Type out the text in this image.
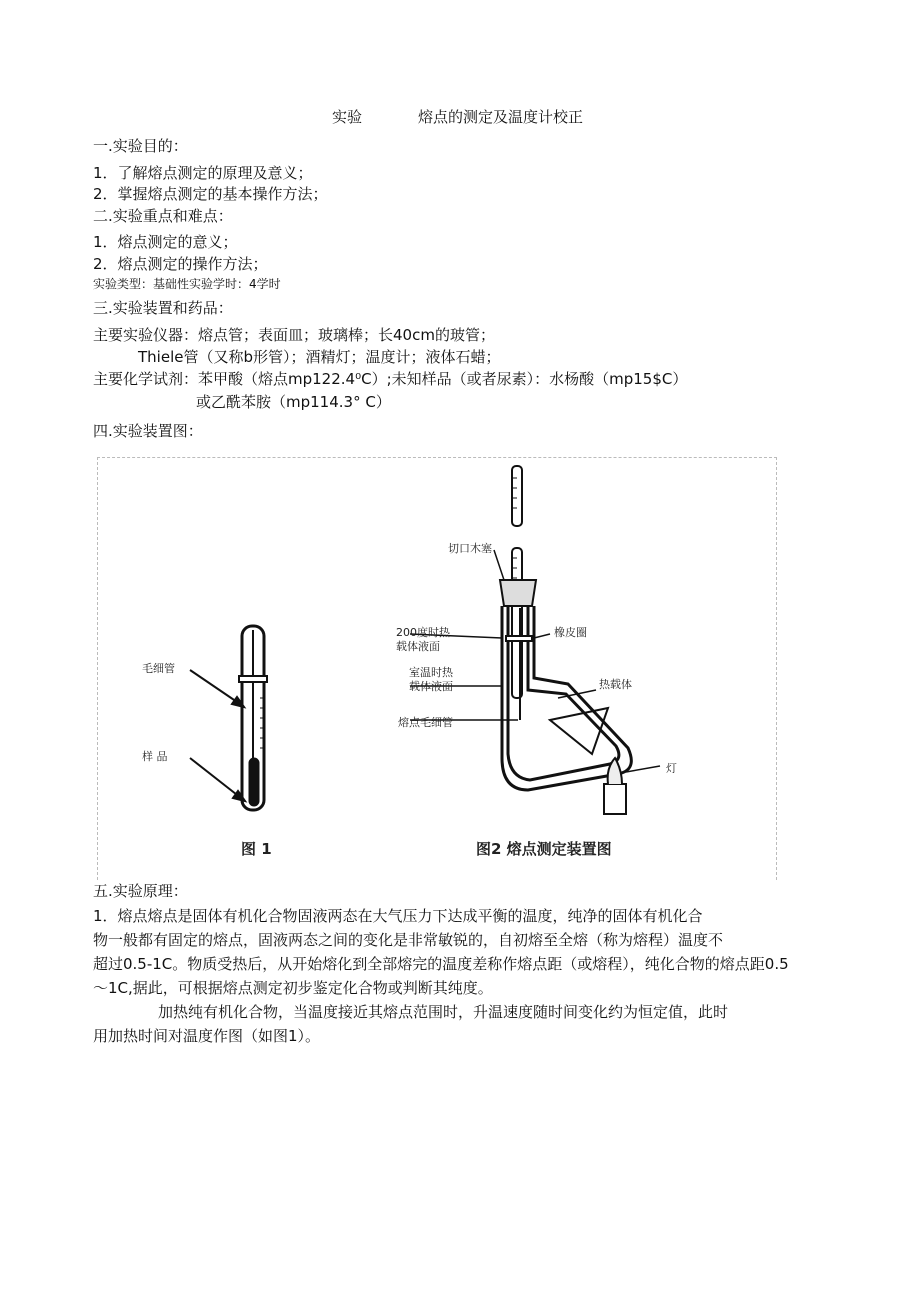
实验	熔点的测定及温度计校正
一.实验目的：
1．了解熔点测定的原理及意义；
2．掌握熔点测定的基本操作方法；
二.实验重点和难点：
1．熔点测定的意义；
2．熔点测定的操作方法；
实验类型：基础性实验学时：4学时
三.实验装置和药品：
主要实验仪器：熔点管；表面皿；玻璃棒；长40cm的玻管；
Thiele管（又称b形管）；酒精灯；温度计；液体石蜡；
主要化学试剂：苯甲酸（熔点mp122.4⁰C）;未知样品（或者尿素）：水杨酸（mp15$C）
或乙酰苯胺（mp114.3° C）
四.实验装置图：
毛细管
样 品
图 1
切口木塞
橡皮圈
200度时热
载体液面
室温时热
载体液面	热载体
熔点毛细管
灯
图2 熔点测定装置图
五.实验原理：
1．熔点熔点是固体有机化合物固液两态在大气压力下达成平衡的温度，纯净的固体有机化合
物一般都有固定的熔点，固液两态之间的变化是非常敏锐的，自初熔至全熔（称为熔程）温度不
超过0.5-1C。物质受热后，从开始熔化到全部熔完的温度差称作熔点距（或熔程），纯化合物的熔点距0.5
～1C,据此，可根据熔点测定初步鉴定化合物或判断其纯度。
加热纯有机化合物，当温度接近其熔点范围时，升温速度随时间变化约为恒定值，此时
用加热时间对温度作图（如图1）。
